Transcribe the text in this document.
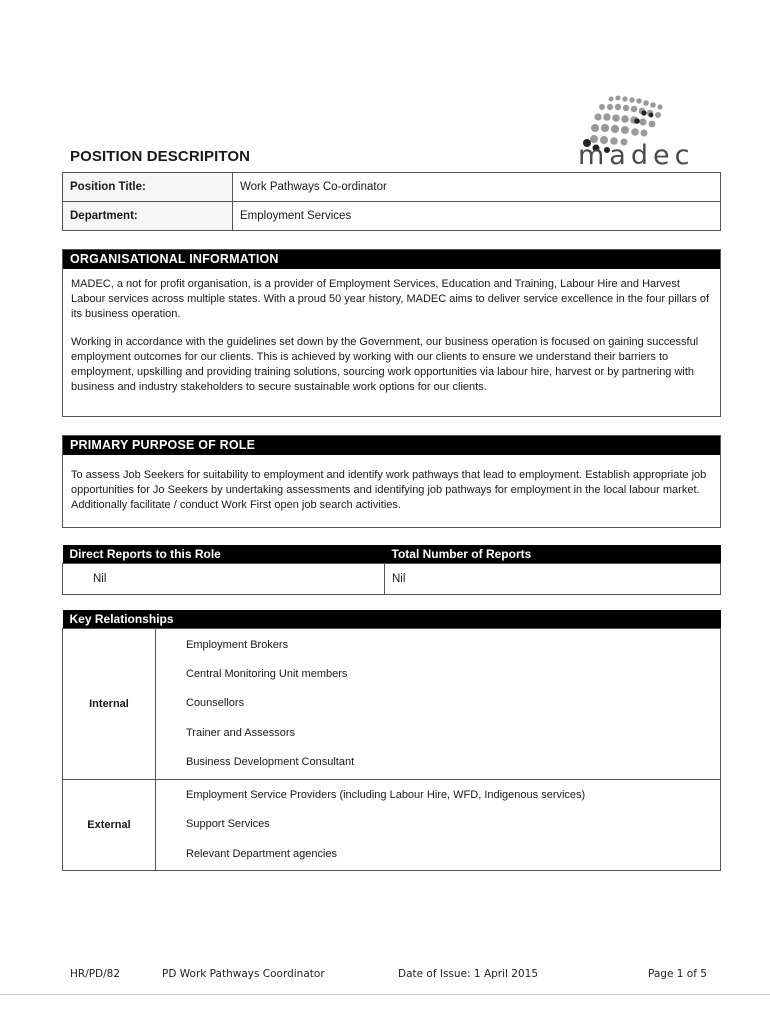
madec
POSITION DESCRIPITON
Position Title:	Work Pathways Co-ordinator
Department:	Employment Services
ORGANISATIONAL INFORMATION

MADEC, a not for profit organisation, is a provider of Employment Services, Education and Training, Labour Hire and Harvest Labour services across multiple states. With a proud 50 year history, MADEC aims to deliver service excellence in the four pillars of its business operation.

Working in accordance with the guidelines set down by the Government, our business operation is focused on gaining successful employment outcomes for our clients. This is achieved by working with our clients to ensure we understand their barriers to employment, upskilling and providing training solutions, sourcing work opportunities via labour hire, harvest or by partnering with business and industry stakeholders to secure sustainable work options for our clients.

PRIMARY PURPOSE OF ROLE

To assess Job Seekers for suitability to employment and identify work pathways that lead to employment. Establish appropriate job opportunities for Jo Seekers by undertaking assessments and identifying job pathways for employment in the local labour market. Additionally facilitate / conduct Work First open job search activities.

Direct Reports to this Role	Total Number of Reports
Nil	Nil
Key Relationships	
Internal	Employment Brokers
Central Monitoring Unit members
Counsellors
Trainer and Assessors
Business Development Consultant

External	Employment Service Providers (including Labour Hire, WFD, Indigenous services)
Support Services
Relevant Department agencies
HR/PD/82	PD Work Pathways Coordinator	Date of Issue: 1 April 2015	Page 1 of 5
